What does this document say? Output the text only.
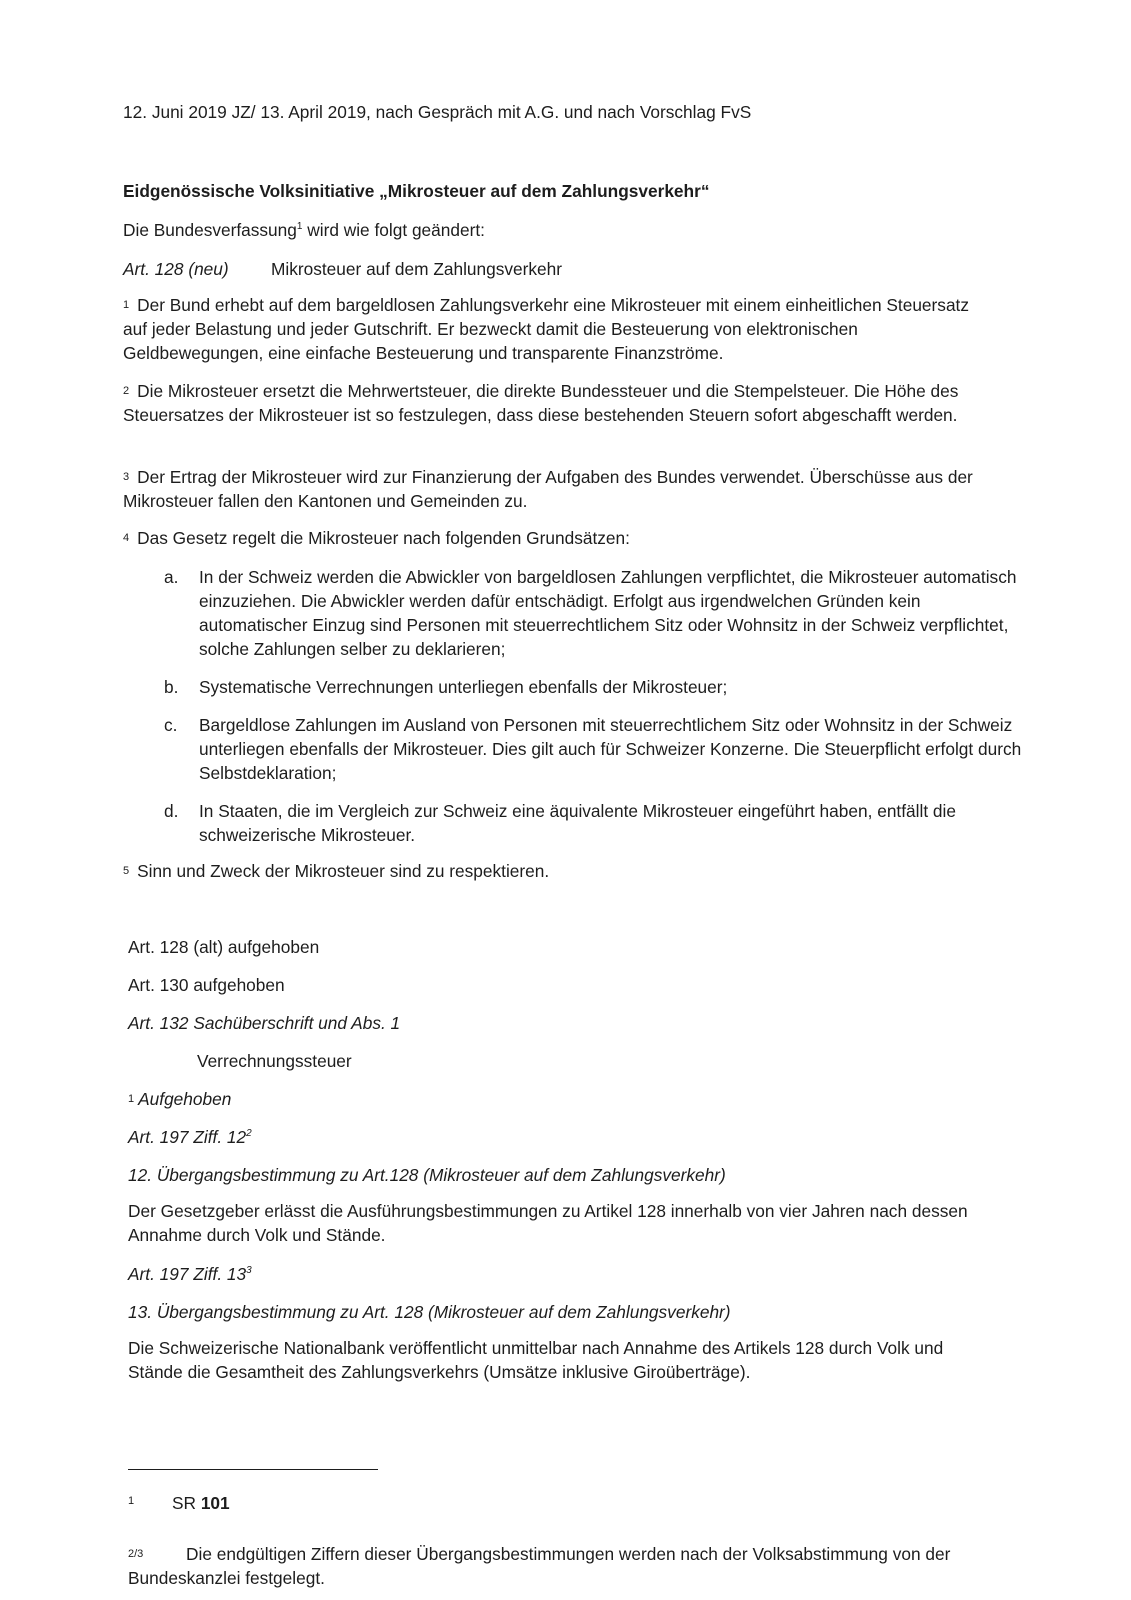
12. Juni 2019 JZ/ 13. April 2019, nach Gespräch mit A.G. und nach Vorschlag FvS

Eidgenössische Volksinitiative „Mikrosteuer auf dem Zahlungsverkehr“

Die Bundesverfassung$^1$ wird wie folgt geändert:

Art. 128 (neu) Mikrosteuer auf dem Zahlungsverkehr

1 Der Bund erhebt auf dem bargeldlosen Zahlungsverkehr eine Mikrosteuer mit einem einheitlichen Steuersatz auf jeder Belastung und jeder Gutschrift. Er bezweckt damit die Besteuerung von elektronischen Geldbewegungen, eine einfache Besteuerung und transparente Finanzströme.

2 Die Mikrosteuer ersetzt die Mehrwertsteuer, die direkte Bundessteuer und die Stempelsteuer. Die Höhe des Steuersatzes der Mikrosteuer ist so festzulegen, dass diese bestehenden Steuern sofort abgeschafft werden.

3 Der Ertrag der Mikrosteuer wird zur Finanzierung der Aufgaben des Bundes verwendet. Überschüsse aus der Mikrosteuer fallen den Kantonen und Gemeinden zu.

4 Das Gesetz regelt die Mikrosteuer nach folgenden Grundsätzen:

a. In der Schweiz werden die Abwickler von bargeldlosen Zahlungen verpflichtet, die Mikrosteuer automatisch einzuziehen. Die Abwickler werden dafür entschädigt. Erfolgt aus irgendwelchen Gründen kein automatischer Einzug sind Personen mit steuerrechtlichem Sitz oder Wohnsitz in der Schweiz verpflichtet, solche Zahlungen selber zu deklarieren;
b. Systematische Verrechnungen unterliegen ebenfalls der Mikrosteuer;
c. Bargeldlose Zahlungen im Ausland von Personen mit steuerrechtlichem Sitz oder Wohnsitz in der Schweiz unterliegen ebenfalls der Mikrosteuer. Dies gilt auch für Schweizer Konzerne. Die Steuerpflicht erfolgt durch Selbstdeklaration;
d. In Staaten, die im Vergleich zur Schweiz eine äquivalente Mikrosteuer eingeführt haben, entfällt die schweizerische Mikrosteuer.

5 Sinn und Zweck der Mikrosteuer sind zu respektieren.

Art. 128 (alt) aufgehoben

Art. 130 aufgehoben

Art. 132 Sachüberschrift und Abs. 1

Verrechnungssteuer

1 Aufgehoben

Art. 197 Ziff. $12^2$

12. Übergangsbestimmung zu Art.128 (Mikrosteuer auf dem Zahlungsverkehr)

Der Gesetzgeber erlässt die Ausführungsbestimmungen zu Artikel 128 innerhalb von vier Jahren nach dessen Annahme durch Volk und Stände.

Art. 197 Ziff. $13^3$

13. Übergangsbestimmung zu Art. 128 (Mikrosteuer auf dem Zahlungsverkehr)

Die Schweizerische Nationalbank veröffentlicht unmittelbar nach Annahme des Artikels 128 durch Volk und Stände die Gesamtheit des Zahlungsverkehrs (Umsätze inklusive Giroüberträge).

1 SR 101
2/3 Die endgültigen Ziffern dieser Übergangsbestimmungen werden nach der Volksabstimmung von der Bundeskanzlei festgelegt.
